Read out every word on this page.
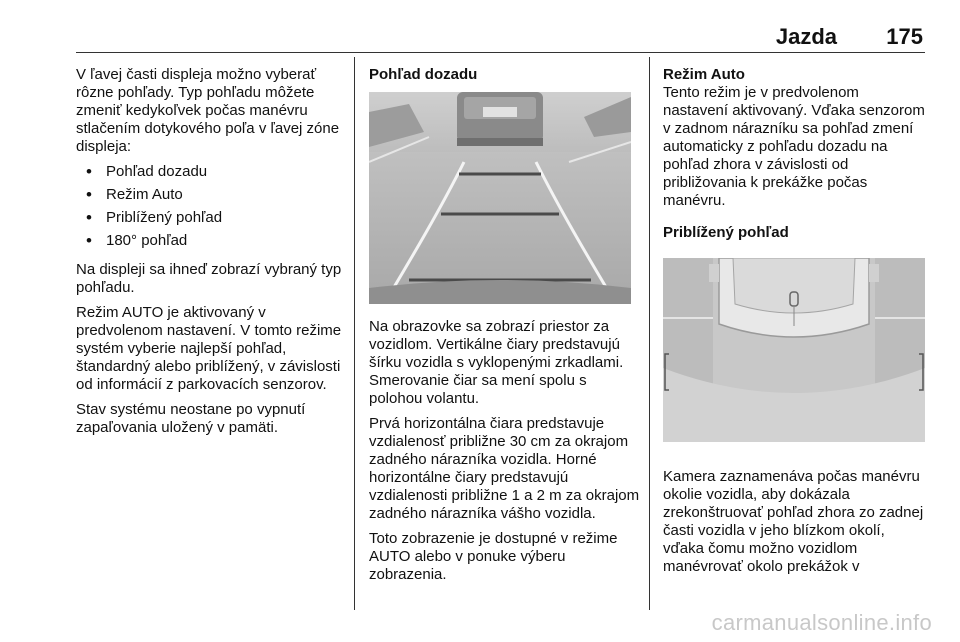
Jazda 175

V ľavej časti displeja možno vyberať rôzne pohľady. Typ pohľadu môžete zmeniť kedykoľvek počas manévru stlačením dotykového poľa v ľavej zóne displeja:

• Pohľad dozadu
• Režim Auto
• Priblížený pohľad
• 180° pohľad

Na displeji sa ihneď zobrazí vybraný typ pohľadu.

Režim AUTO je aktivovaný v predvolenom nastavení. V tomto režime systém vyberie najlepší pohľad, štandardný alebo priblížený, v závislosti od informácií z parkovacích senzorov.

Stav systému neostane po vypnutí zapaľovania uložený v pamäti.

Pohľad dozadu

Na obrazovke sa zobrazí priestor za vozidlom. Vertikálne čiary predstavujú šírku vozidla s vyklopenými zrkadlami. Smerovanie čiar sa mení spolu s polohou volantu.

Prvá horizontálna čiara predstavuje vzdialenosť približne 30 cm za okrajom zadného nárazníka vozidla. Horné horizontálne čiary predstavujú vzdialenosti približne 1 a 2 m za okrajom zadného nárazníka vášho vozidla.

Toto zobrazenie je dostupné v režime AUTO alebo v ponuke výberu zobrazenia.

Režim Auto

Tento režim je v predvolenom nastavení aktivovaný. Vďaka senzorom v zadnom nárazníku sa pohľad zmení automaticky z pohľadu dozadu na pohľad zhora v závislosti od približovania k prekážke počas manévru.

Priblížený pohľad

Kamera zaznamenáva počas manévru okolie vozidla, aby dokázala zrekonštruovať pohľad zhora zo zadnej časti vozidla v jeho blízkom okolí, vďaka čomu možno vozidlom manévrovať okolo prekážok v

carmanualsonline.info
